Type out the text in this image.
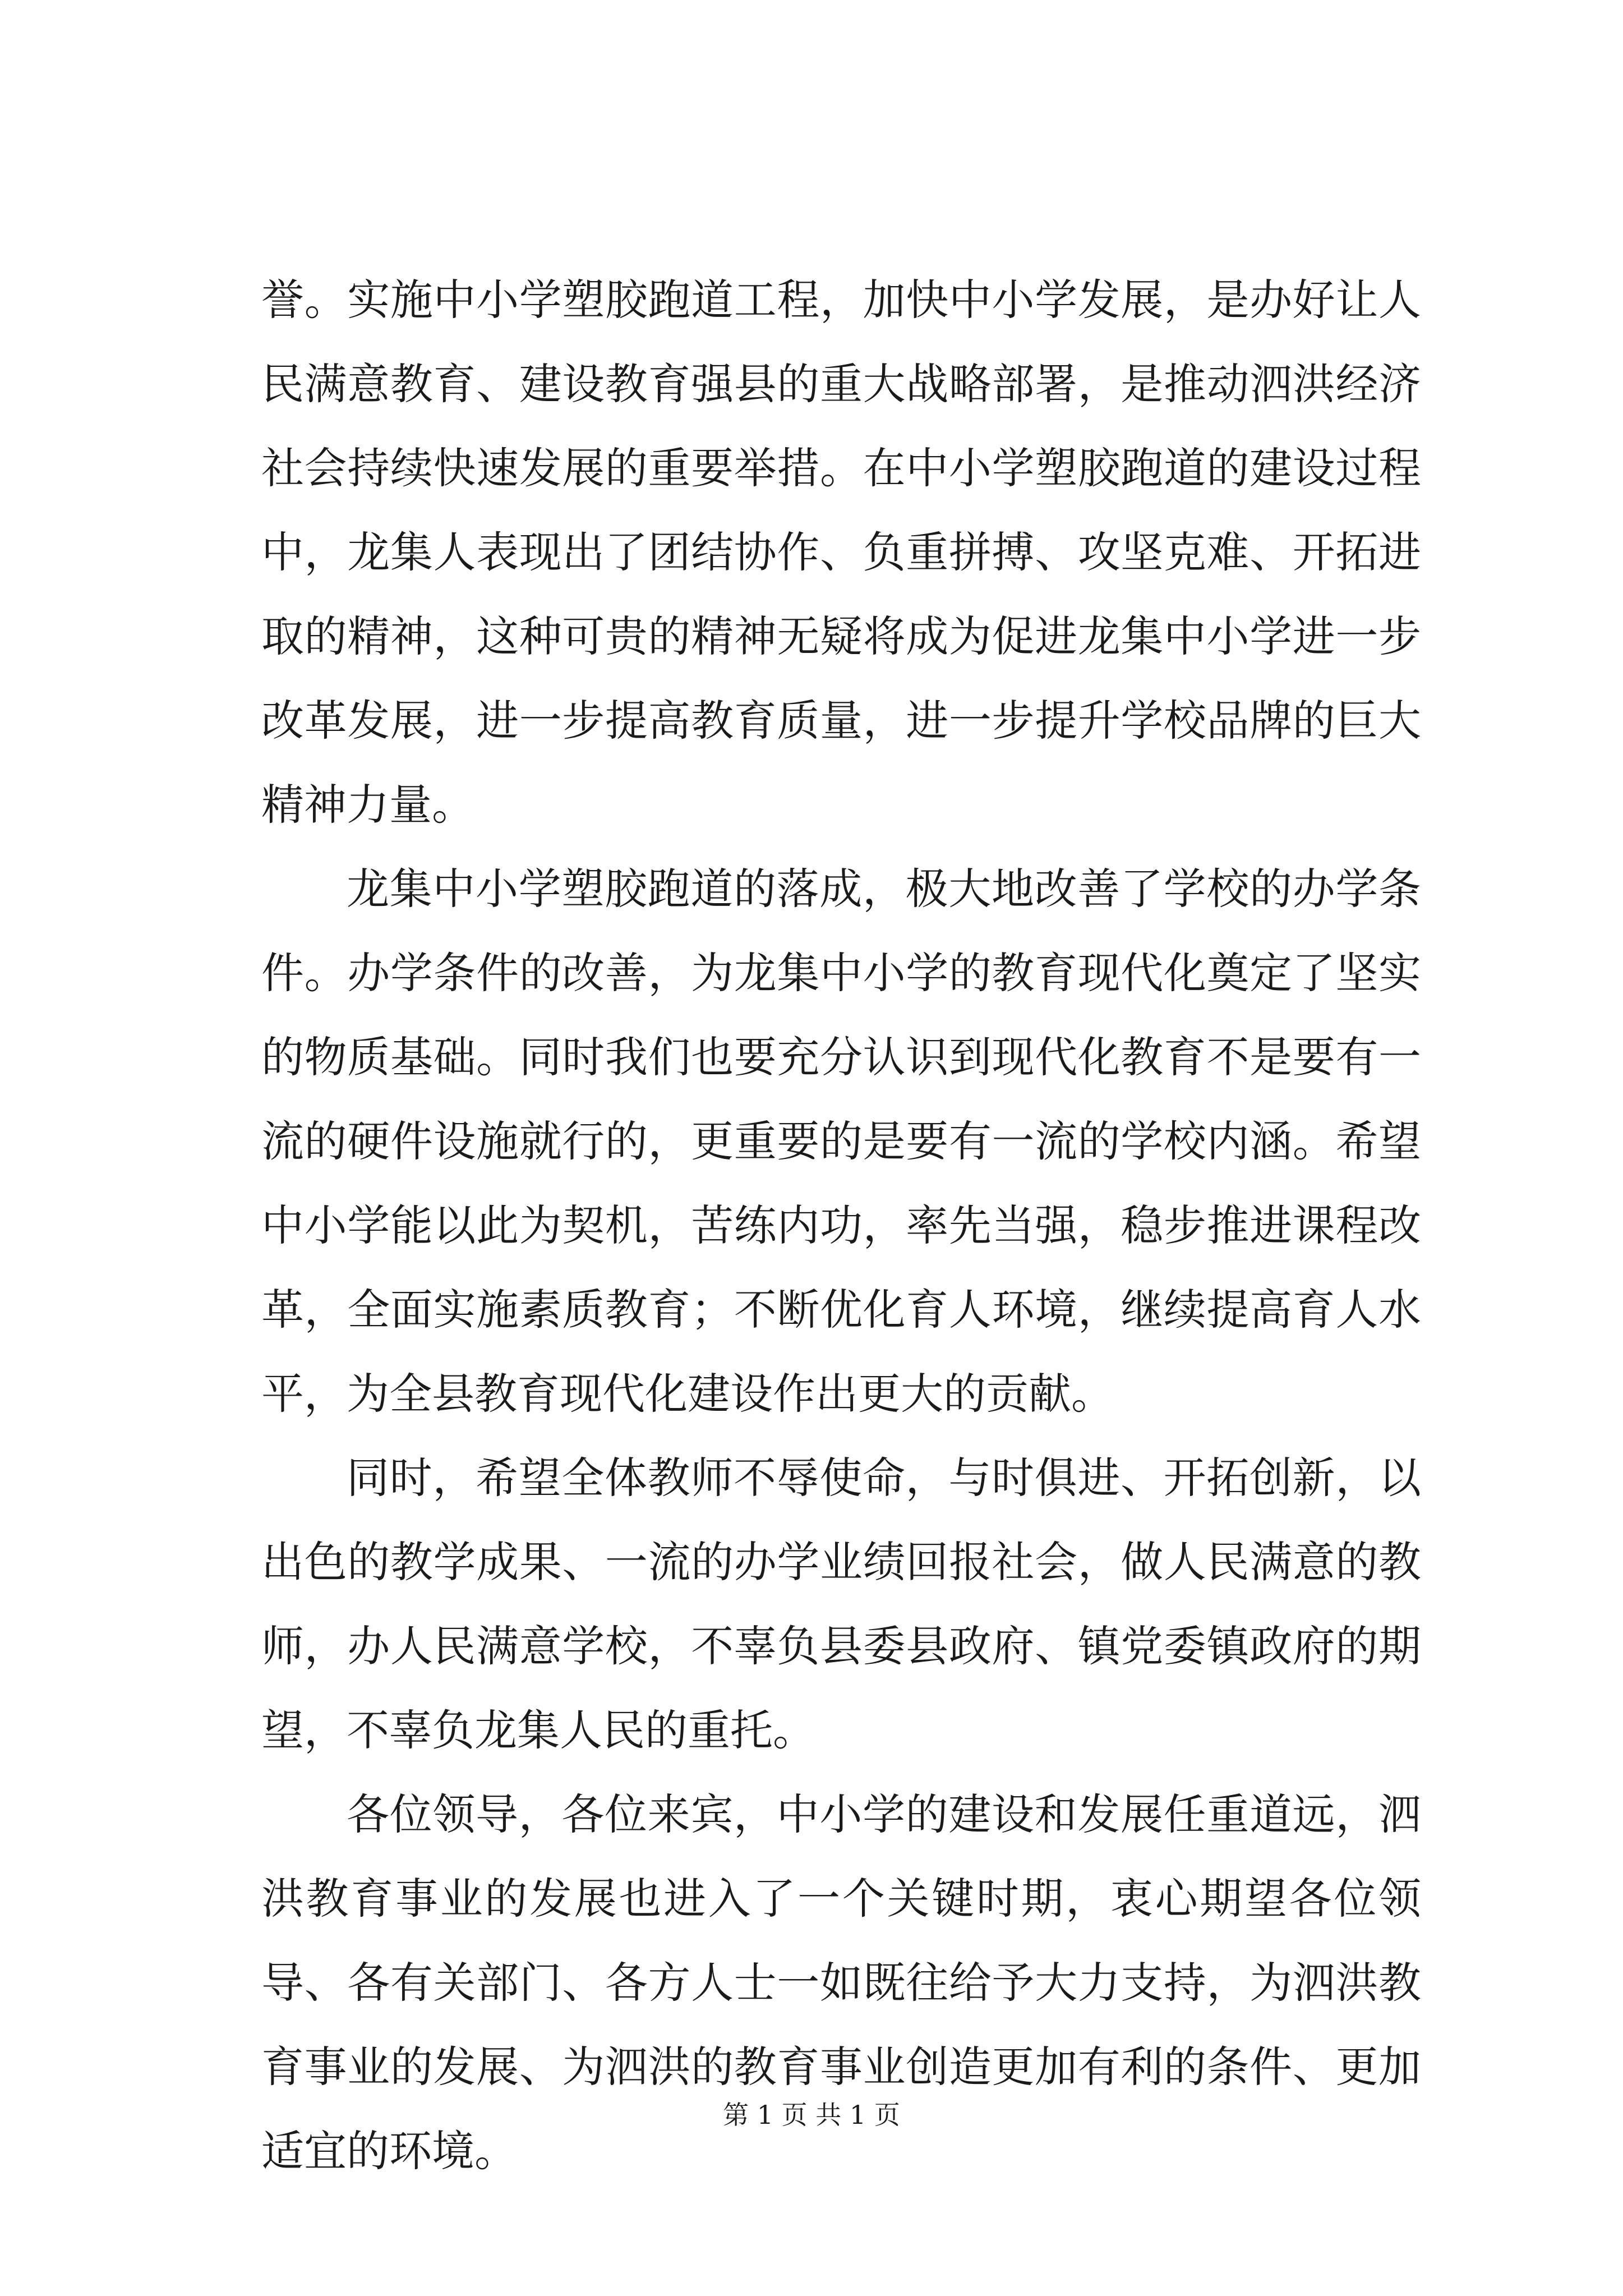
誉。实施中小学塑胶跑道工程，加快中小学发展，是办好让人民满意教育、建设教育强县的重大战略部署，是推动泗洪经济社会持续快速发展的重要举措。在中小学塑胶跑道的建设过程中，龙集人表现出了团结协作、负重拼搏、攻坚克难、开拓进取的精神，这种可贵的精神无疑将成为促进龙集中小学进一步改革发展，进一步提高教育质量，进一步提升学校品牌的巨大精神力量。

龙集中小学塑胶跑道的落成，极大地改善了学校的办学条件。办学条件的改善，为龙集中小学的教育现代化奠定了坚实的物质基础。同时我们也要充分认识到现代化教育不是要有一流的硬件设施就行的，更重要的是要有一流的学校内涵。希望中小学能以此为契机，苦练内功，率先当强，稳步推进课程改革，全面实施素质教育；不断优化育人环境，继续提高育人水平，为全县教育现代化建设作出更大的贡献。

同时，希望全体教师不辱使命，与时俱进、开拓创新，以出色的教学成果、一流的办学业绩回报社会，做人民满意的教师，办人民满意学校，不辜负县委县政府、镇党委镇政府的期望，不辜负龙集人民的重托。

各位领导，各位来宾，中小学的建设和发展任重道远，泗洪教育事业的发展也进入了一个关键时期，衷心期望各位领导、各有关部门、各方人士一如既往给予大力支持，为泗洪教育事业的发展、为泗洪的教育事业创造更加有利的条件、更加适宜的环境。

第 1 页 共 1 页
